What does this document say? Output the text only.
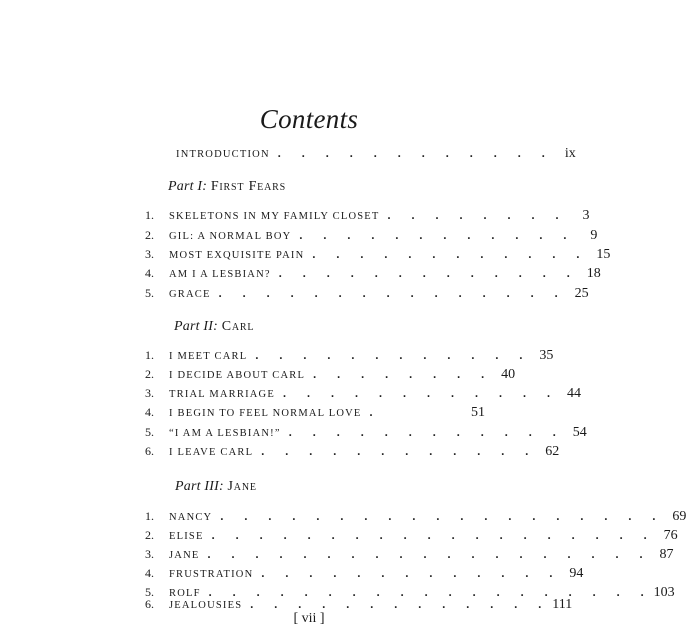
Contents
INTRODUCTION . . . . . . . . . . . . ix
Part I: First Fears
1.	SKELETONS IN MY FAMILY CLOSET . . . . . . . .	3
2.	GIL: A NORMAL BOY . . . . . . . . . . . .	9
3.	MOST EXQUISITE PAIN . . . . . . . . . . . . 15
4.	AM I A LESBIAN? . . . . . . . . . . . . . 18
5.	GRACE . . . . . . . . . . . . . . . 25
Part II: Carl
1.	I MEET CARL . . . . . . . . . . . . 35
2.	I DECIDE ABOUT CARL . . . . . . . . 40
3.	TRIAL MARRIAGE . . . . . . . . . . . . 44
4.	I BEGIN TO FEEL NORMAL LOVE .	51
5.	“I AM A LESBIAN!” . . . . . . . . . . . . 54
6.	I LEAVE CARL . . . . . . . . . . . . 62
Part III: Jane
1.	NANCY . . . . . . . . . . . . . . . . . . . 69
2.	ELISE . . . . . . . . . . . . . . . . . . . 76
3.	JANE . . . . . . . . . . . . . . . . . . . 87
4.	FRUSTRATION . . . . . . . . . . . . . 94
5.	ROLF . . . . . . . . . . . . . . . . . . . 103
6.	JEALOUSIES . . . . . . . . . . . . . 111
[ vii ]
